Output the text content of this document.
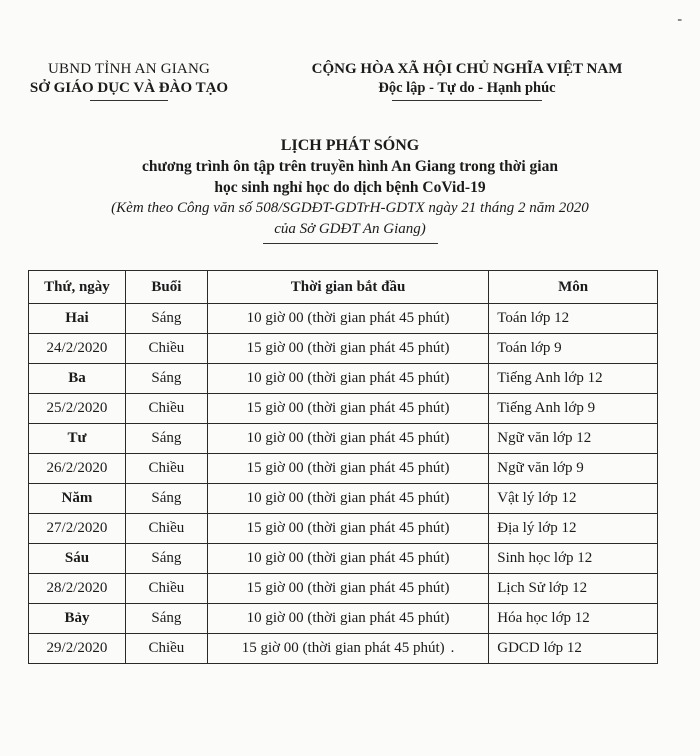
-
UBND TỈNH AN GIANG
SỞ GIÁO DỤC VÀ ĐÀO TẠO
CỘNG HÒA XÃ HỘI CHỦ NGHĨA VIỆT NAM
Độc lập - Tự do - Hạnh phúc
LỊCH PHÁT SÓNG
chương trình ôn tập trên truyền hình An Giang trong thời gian
học sinh nghỉ học do dịch bệnh CoVid-19
(Kèm theo Công văn số 508/SGDĐT-GDTrH-GDTX ngày 21 tháng 2 năm 2020
của Sở GDĐT An Giang)
Thứ, ngày	Buổi	Thời gian bắt đầu	Môn
Hai	Sáng	10 giờ 00 (thời gian phát 45 phút)	Toán lớp 12
24/2/2020	Chiều	15 giờ 00 (thời gian phát 45 phút)	Toán lớp 9
Ba	Sáng	10 giờ 00 (thời gian phát 45 phút)	Tiếng Anh lớp 12
25/2/2020	Chiều	15 giờ 00 (thời gian phát 45 phút)	Tiếng Anh lớp 9
Tư	Sáng	10 giờ 00 (thời gian phát 45 phút)	Ngữ văn lớp 12
26/2/2020	Chiều	15 giờ 00 (thời gian phát 45 phút)	Ngữ văn lớp 9
Năm	Sáng	10 giờ 00 (thời gian phát 45 phút)	Vật lý lớp 12
27/2/2020	Chiều	15 giờ 00 (thời gian phát 45 phút)	Địa lý lớp 12
Sáu	Sáng	10 giờ 00 (thời gian phát 45 phút)	Sinh học lớp 12
28/2/2020	Chiều	15 giờ 00 (thời gian phát 45 phút)	Lịch Sử lớp 12
Bảy	Sáng	10 giờ 00 (thời gian phát 45 phút)	Hóa học lớp 12
29/2/2020	Chiều	15 giờ 00 (thời gian phát 45 phút) .	GDCD lớp 12
